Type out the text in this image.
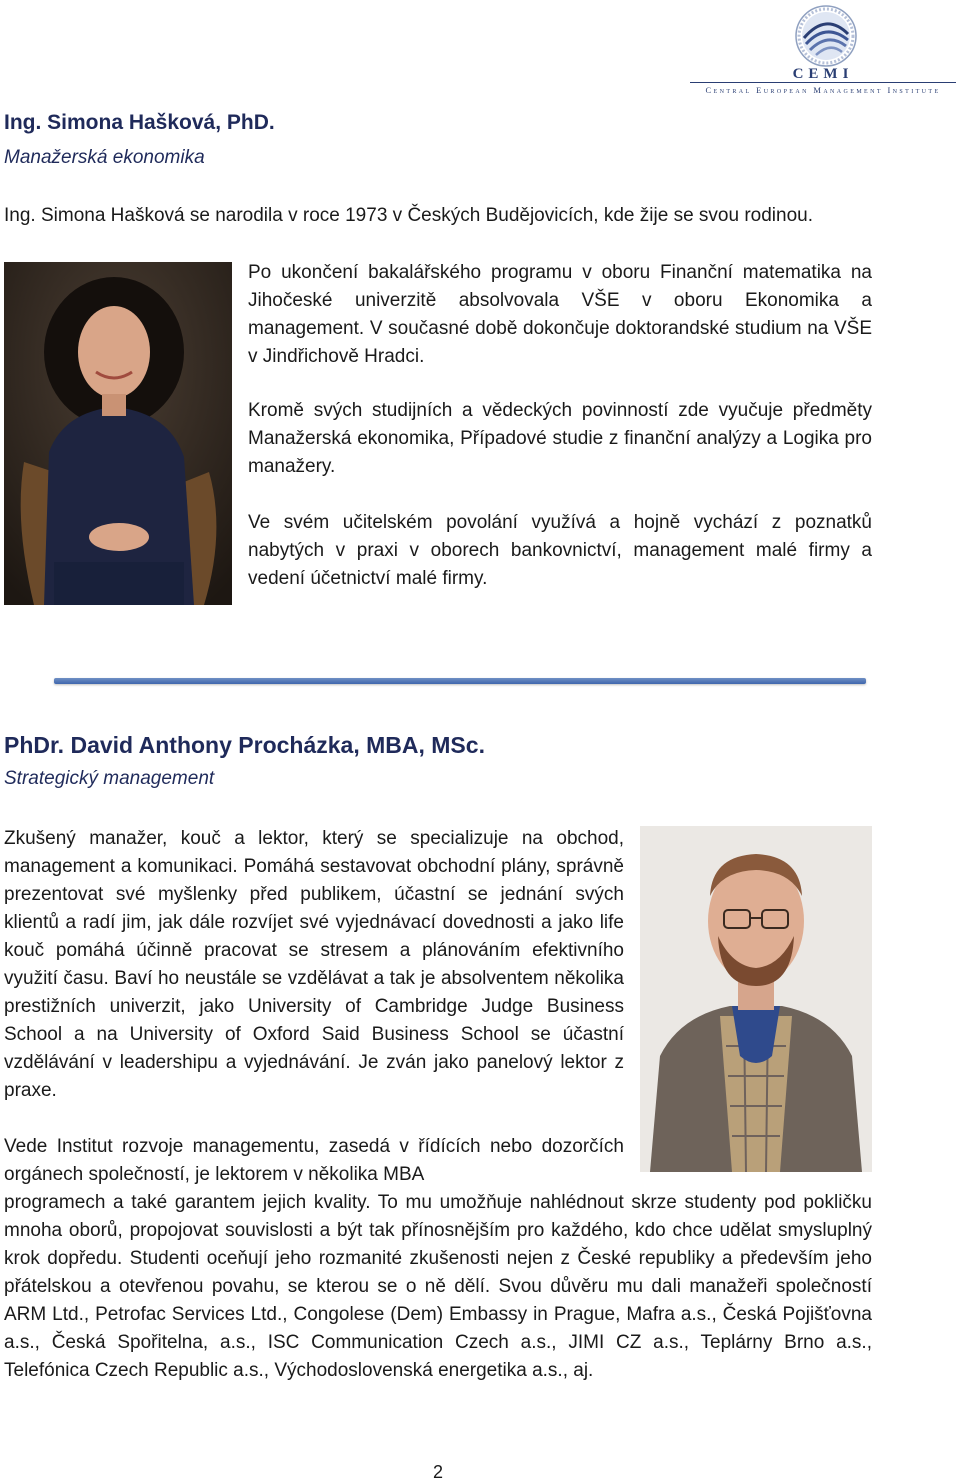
CEMI
Central European Management Institute
Ing. Simona Hašková, PhD.
Manažerská ekonomika
Ing. Simona Hašková se narodila v roce 1973 v Českých Budějovicích, kde žije se svou rodinou.
Po ukončení bakalářského programu v oboru Finanční matematika na Jihočeské univerzitě absolvovala VŠE v oboru Ekonomika a management. V současné době dokončuje doktorandské studium na VŠE v Jindřichově Hradci.
Kromě svých studijních a vědeckých povinností zde vyučuje předměty Manažerská ekonomika, Případové studie z finanční analýzy a Logika pro manažery.
Ve svém učitelském povolání využívá a hojně vychází z poznatků nabytých v praxi v oborech bankovnictví, management malé firmy a vedení účetnictví malé firmy.
PhDr. David Anthony Procházka, MBA, MSc.
Strategický management
Zkušený manažer, kouč a lektor, který se specializuje na obchod, management a komunikaci. Pomáhá sestavovat obchodní plány, správně prezentovat své myšlenky před publikem, účastní se jednání svých klientů a radí jim, jak dále rozvíjet své vyjednávací dovednosti a jako life kouč pomáhá účinně pracovat se stresem a plánováním efektivního využití času. Baví ho neustále se vzdělávat a tak je absolventem několika prestižních univerzit, jako University of Cambridge Judge Business School a na University of Oxford Said Business School se účastní vzdělávání v leadershipu a vyjednávání. Je zván jako panelový lektor z praxe.
Vede Institut rozvoje managementu, zasedá v řídících nebo dozorčích orgánech společností, je lektorem v několika MBA
programech a také garantem jejich kvality. To mu umožňuje nahlédnout skrze studenty pod pokličku mnoha oborů, propojovat souvislosti a být tak přínosnějším pro každého, kdo chce udělat smysluplný krok dopředu. Studenti oceňují jeho rozmanité zkušenosti nejen z České republiky a především jeho přátelskou a otevřenou povahu, se kterou se o ně dělí. Svou důvěru mu dali manažeři společností ARM Ltd., Petrofac Services Ltd., Congolese (Dem) Embassy in Prague, Mafra a.s., Česká Pojišťovna a.s., Česká Spořitelna, a.s., ISC Communication Czech a.s., JIMI CZ a.s., Teplárny Brno a.s., Telefónica Czech Republic a.s., Východoslovenská energetika a.s., aj.
2
